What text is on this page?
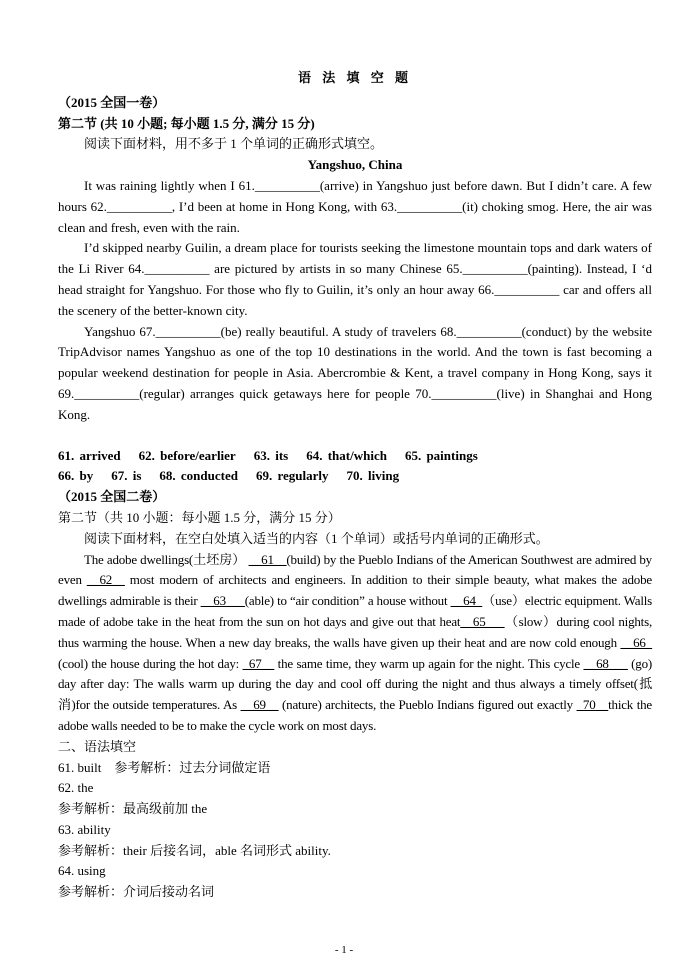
语 法 填 空 题

（2015 全国一卷）

第二节 (共 10 小题; 每小题 1.5 分, 满分 15 分)

阅读下面材料，用不多于 1 个单词的正确形式填空。

Yangshuo, China

It was raining lightly when I 61.__________(arrive) in Yangshuo just before dawn. But I didn’t care. A few hours 62.__________, I’d been at home in Hong Kong, with 63.__________(it) choking smog. Here, the air was clean and fresh, even with the rain.

I’d skipped nearby Guilin, a dream place for tourists seeking the limestone mountain tops and dark waters of the Li River 64.__________ are pictured by artists in so many Chinese 65.__________(painting). Instead, I ‘d head straight for Yangshuo. For those who fly to Guilin, it’s only an hour away 66.__________ car and offers all the scenery of the better-known city.

Yangshuo 67.__________(be) really beautiful. A study of travelers 68.__________(conduct) by the website TripAdvisor names Yangshuo as one of the top 10 destinations in the world. And the town is fast becoming a popular weekend destination for people in Asia. Abercrombie & Kent, a travel company in Hong Kong, says it 69.__________(regular) arranges quick getaways here for people 70.__________(live) in Shanghai and Hong Kong.

61. arrived 62. before/earlier 63. its 64. that/which 65. paintings

66. by 67. is 68. conducted 69. regularly 70. living

（2015 全国二卷）

第二节（共 10 小题：每小题 1.5 分，满分 15 分）

阅读下面材料，在空白处填入适当的内容（1 个单词）或括号内单词的正确形式。

The adobe dwellings(土坯房） __61__(build) by the Pueblo Indians of the American Southwest are admired by even __62__ most modern of architects and engineers. In addition to their simple beauty, what makes the adobe dwellings admirable is their __63___(able) to “air condition” a house without __64_（use）electric equipment. Walls made of adobe take in the heat from the sun on hot days and give out that heat__65___（slow）during cool nights, thus warming the house. When a new day breaks, the walls have given up their heat and are now cold enough __66_ (cool) the house during the hot day: _67__ the same time, they warm up again for the night. This cycle __68___ (go) day after day: The walls warm up during the day and cool off during the night and thus always a timely offset(抵消)for the outside temperatures. As __69__ (nature) architects, the Pueblo Indians figured out exactly _70__thick the adobe walls needed to be to make the cycle work on most days.

二、语法填空

61. built　参考解析：过去分词做定语

62. the

参考解析：最高级前加 the

63. ability

参考解析：their 后接名词，able 名词形式 ability.

64. using

参考解析：介词后接动名词

- 1 -
